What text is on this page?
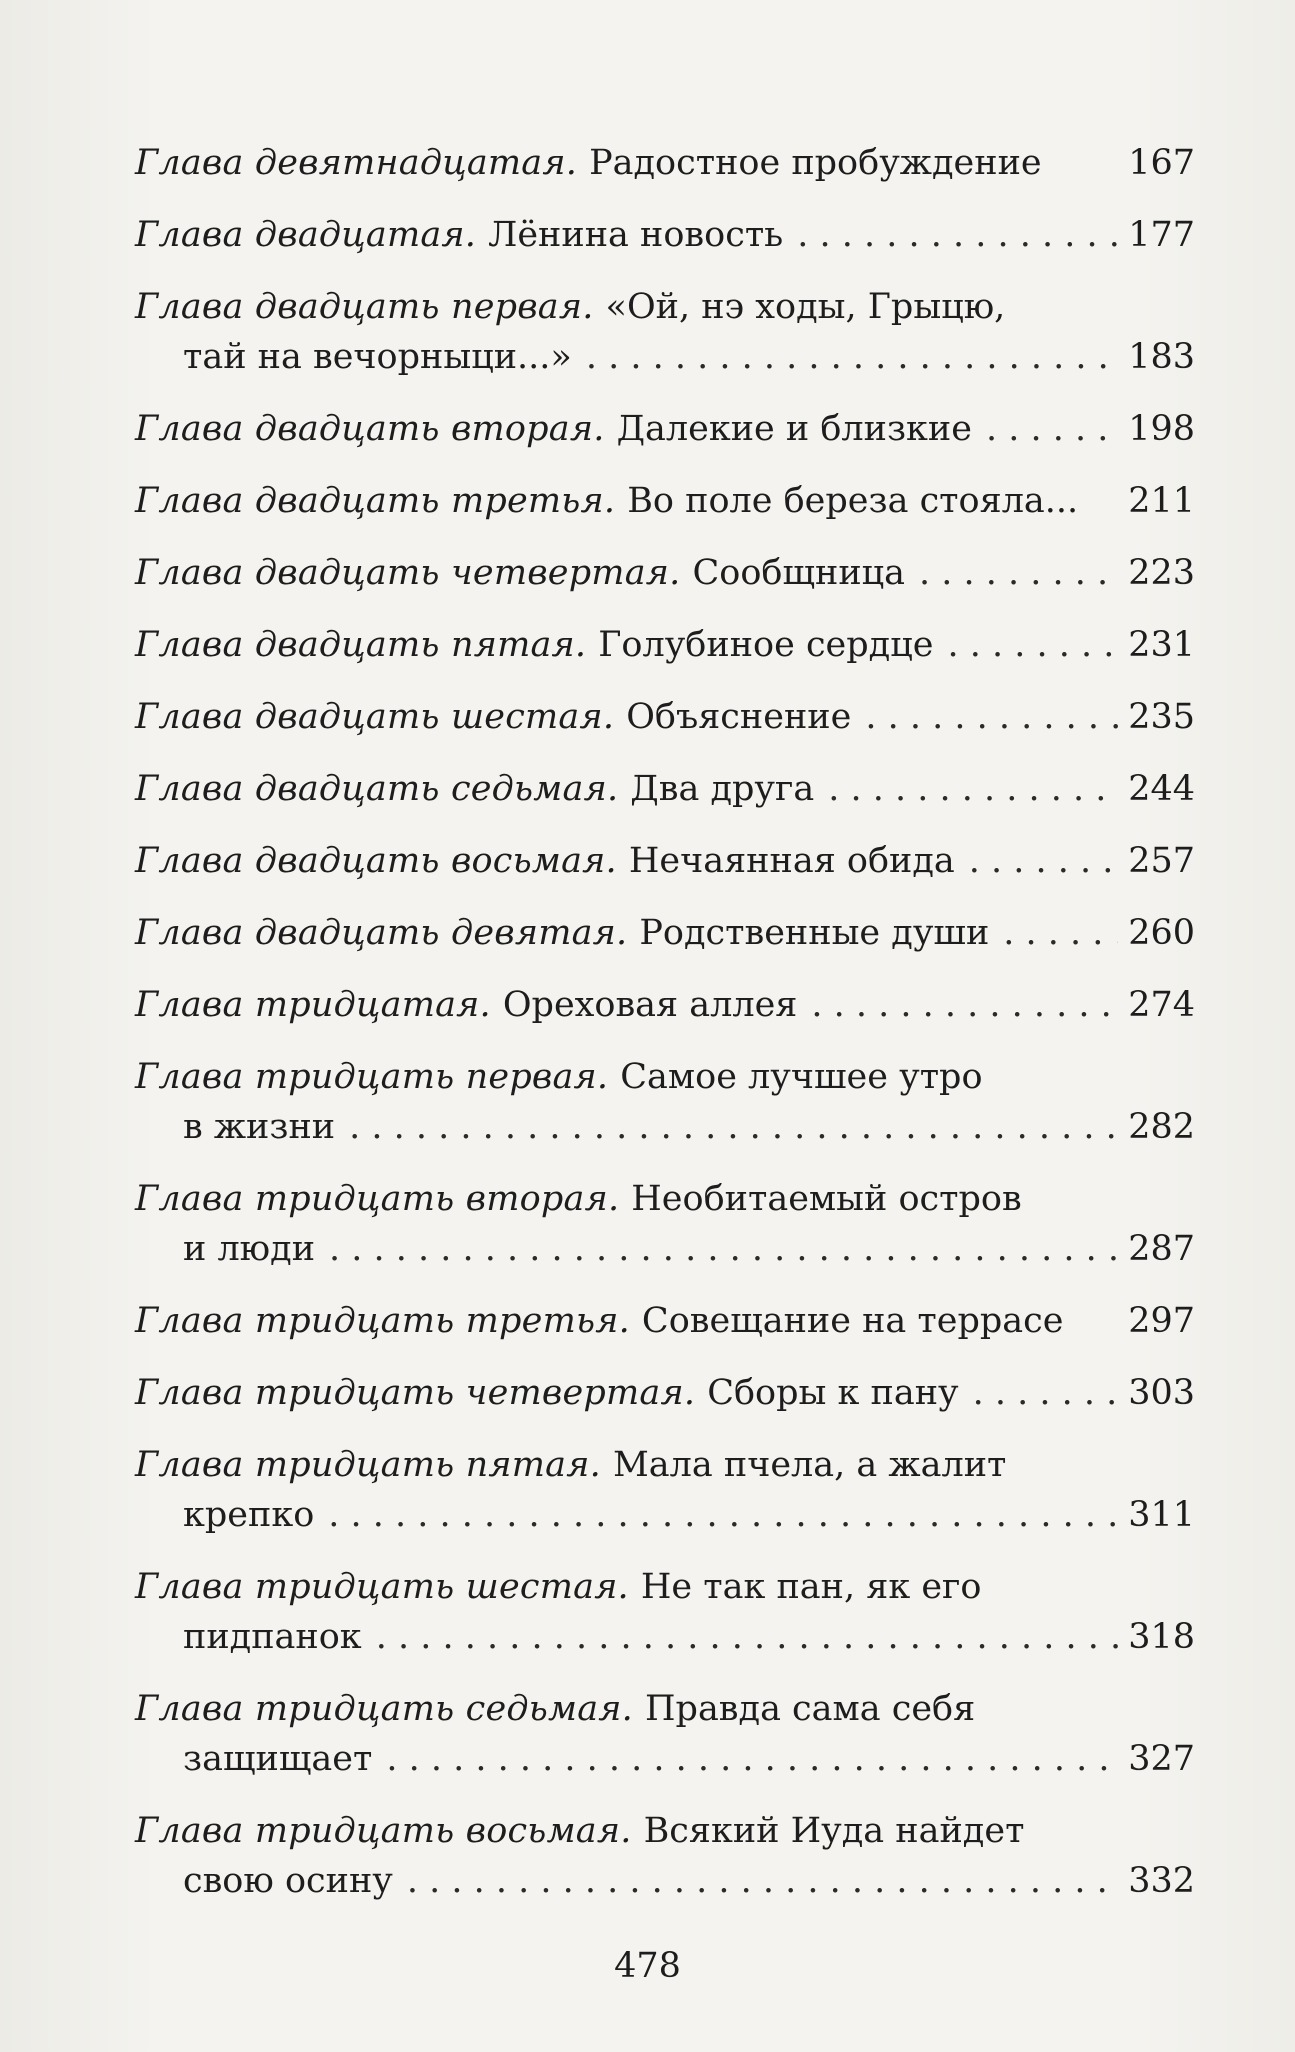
Глава девятнадцатая. Радостное пробуждение 167
Глава двадцатая. Лёнина новость . . .	177
Глава двадцать первая. «Ой, нэ ходы, Грыцю,
тай на вечорныци...» . . .	183
Глава двадцать вторая. Далекие и близкие . . .	198
Глава двадцать третья. Во поле береза стояла... 211
Глава двадцать четвертая. Сообщница . . .	223
Глава двадцать пятая. Голубиное сердце . . .	231
Глава двадцать шестая. Объяснение . . .	235
Глава двадцать седьмая. Два друга . . .	244
Глава двадцать восьмая. Нечаянная обида . . .	257
Глава двадцать девятая. Родственные души . . .	260
Глава тридцатая. Ореховая аллея . . .	274
Глава тридцать первая. Самое лучшее утро
в жизни . . .	282
Глава тридцать вторая. Необитаемый остров
и люди . . .	287
Глава тридцать третья. Совещание на террасе 297
Глава тридцать четвертая. Сборы к пану . . .	303
Глава тридцать пятая. Мала пчела, а жалит
крепко . . .	311
Глава тридцать шестая. Не так пан, як его
пидпанок . . .	318
Глава тридцать седьмая. Правда сама себя
защищает . . .	327
Глава тридцать восьмая. Всякий Иуда найдет
свою осину . . .	332
478
